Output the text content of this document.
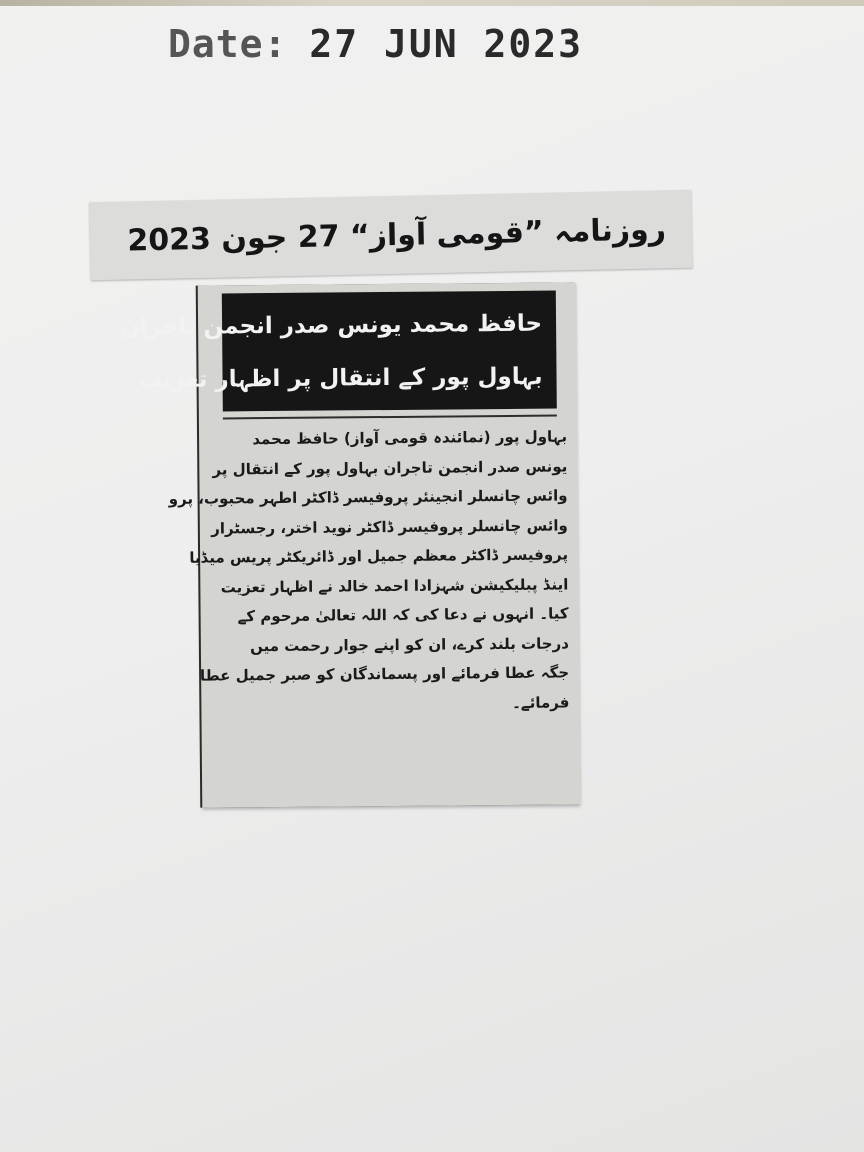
Date: 27 JUN 2023
روزنامہ ”قومی آواز“ 27 جون 2023
حافظ محمد یونس صدر انجمن تاجران
بہاول پور کے انتقال پر اظہار تعزیت
بہاول پور (نمائندہ قومی آواز) حافظ محمد
یونس صدر انجمن تاجران بہاول پور کے انتقال پر
وائس چانسلر انجینئر پروفیسر ڈاکٹر اطہر محبوب، پرو
وائس چانسلر پروفیسر ڈاکٹر نوید اختر، رجسٹرار
پروفیسر ڈاکٹر معظم جمیل اور ڈائریکٹر پریس میڈیا
اینڈ پبلیکیشن شہزادا احمد خالد نے اظہار تعزیت
کیا۔ انہوں نے دعا کی کہ اللہ تعالیٰ مرحوم کے
درجات بلند کرے، ان کو اپنے جوار رحمت میں
جگہ عطا فرمائے اور پسماندگان کو صبر جمیل عطا
فرمائے۔
